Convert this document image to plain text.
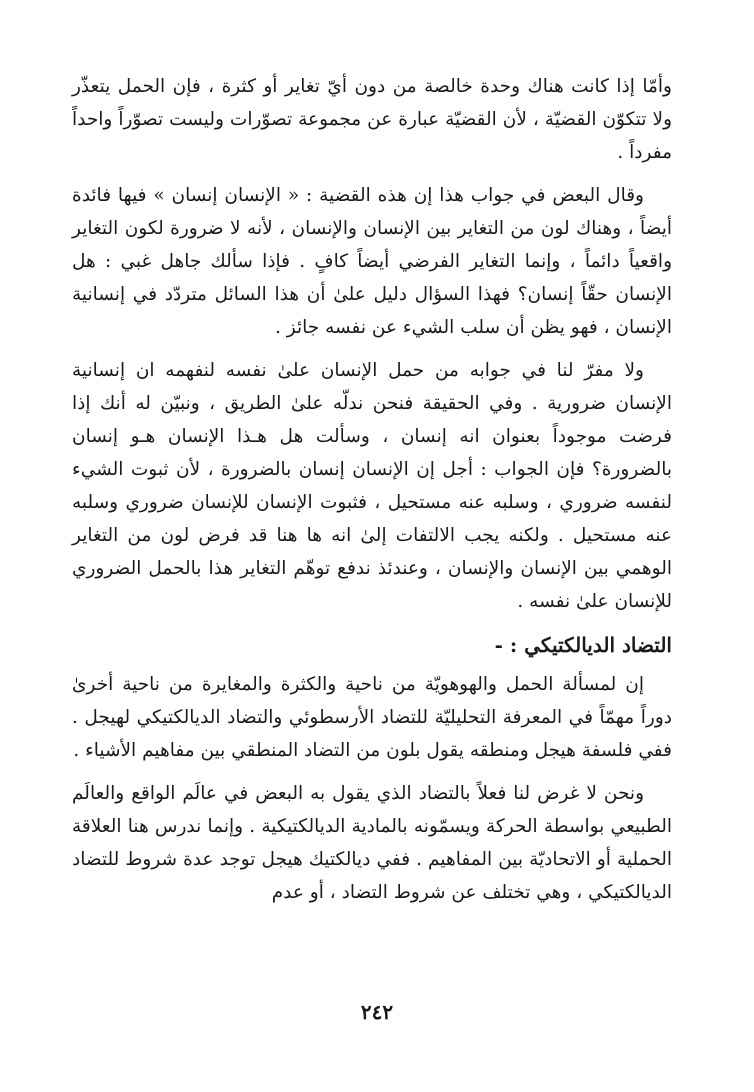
وأمّا إذا كانت هناك وحدة خالصة من دون أيّ تغاير أو كثرة ، فإن الحمل يتعذّر ولا تتكوّن القضيّة ، لأن القضيّة عبارة عن مجموعة تصوّرات وليست تصوّراً واحداً مفرداً .

وقال البعض في جواب هذا إن هذه القضية : « الإنسان إنسان » فيها فائدة أيضاً ، وهناك لون من التغاير بين الإنسان والإنسان ، لأنه لا ضرورة لكون التغاير واقعياً دائماً ، وإنما التغاير الفرضي أيضاً كافٍ . فإذا سألك جاهل غبي : هل الإنسان حقّاً إنسان؟ فهذا السؤال دليل علىٰ أن هذا السائل متردّد في إنسانية الإنسان ، فهو يظن أن سلب الشيء عن نفسه جائز .

ولا مفرّ لنا في جوابه من حمل الإنسان علىٰ نفسه لنفهمه ان إنسانية الإنسان ضرورية . وفي الحقيقة فنحن ندلّه علىٰ الطريق ، ونبيّن له أنك إذا فرضت موجوداً بعنوان انه إنسان ، وسألت هل هـذا الإنسان هـو إنسان بالضرورة؟ فإن الجواب : أجل إن الإنسان إنسان بالضرورة ، لأن ثبوت الشيء لنفسه ضروري ، وسلبه عنه مستحيل ، فثبوت الإنسان للإنسان ضروري وسلبه عنه مستحيل . ولكنه يجب الالتفات إلىٰ انه ها هنا قد فرض لون من التغاير الوهمي بين الإنسان والإنسان ، وعندئذ ندفع توهّم التغاير هذا بالحمل الضروري للإنسان علىٰ نفسه .

التضاد الديالكتيكي : -

إن لمسألة الحمل والهوهويّة من ناحية والكثرة والمغايرة من ناحية أخرىٰ دوراً مهمّاً في المعرفة التحليليّة للتضاد الأرسطوئي والتضاد الديالكتيكي لهيجل . ففي فلسفة هيجل ومنطقه يقول بلون من التضاد المنطقي بين مفاهيم الأشياء .

ونحن لا غرض لنا فعلاً بالتضاد الذي يقول به البعض في عالَم الواقع والعالَم الطبيعي بواسطة الحركة ويسمّونه بالمادية الديالكتيكية . وإنما ندرس هنا العلاقة الحملية أو الاتحاديّة بين المفاهيم . ففي ديالكتيك هيجل توجد عدة شروط للتضاد الديالكتيكي ، وهي تختلف عن شروط التضاد ، أو عدم

٢٤٢
